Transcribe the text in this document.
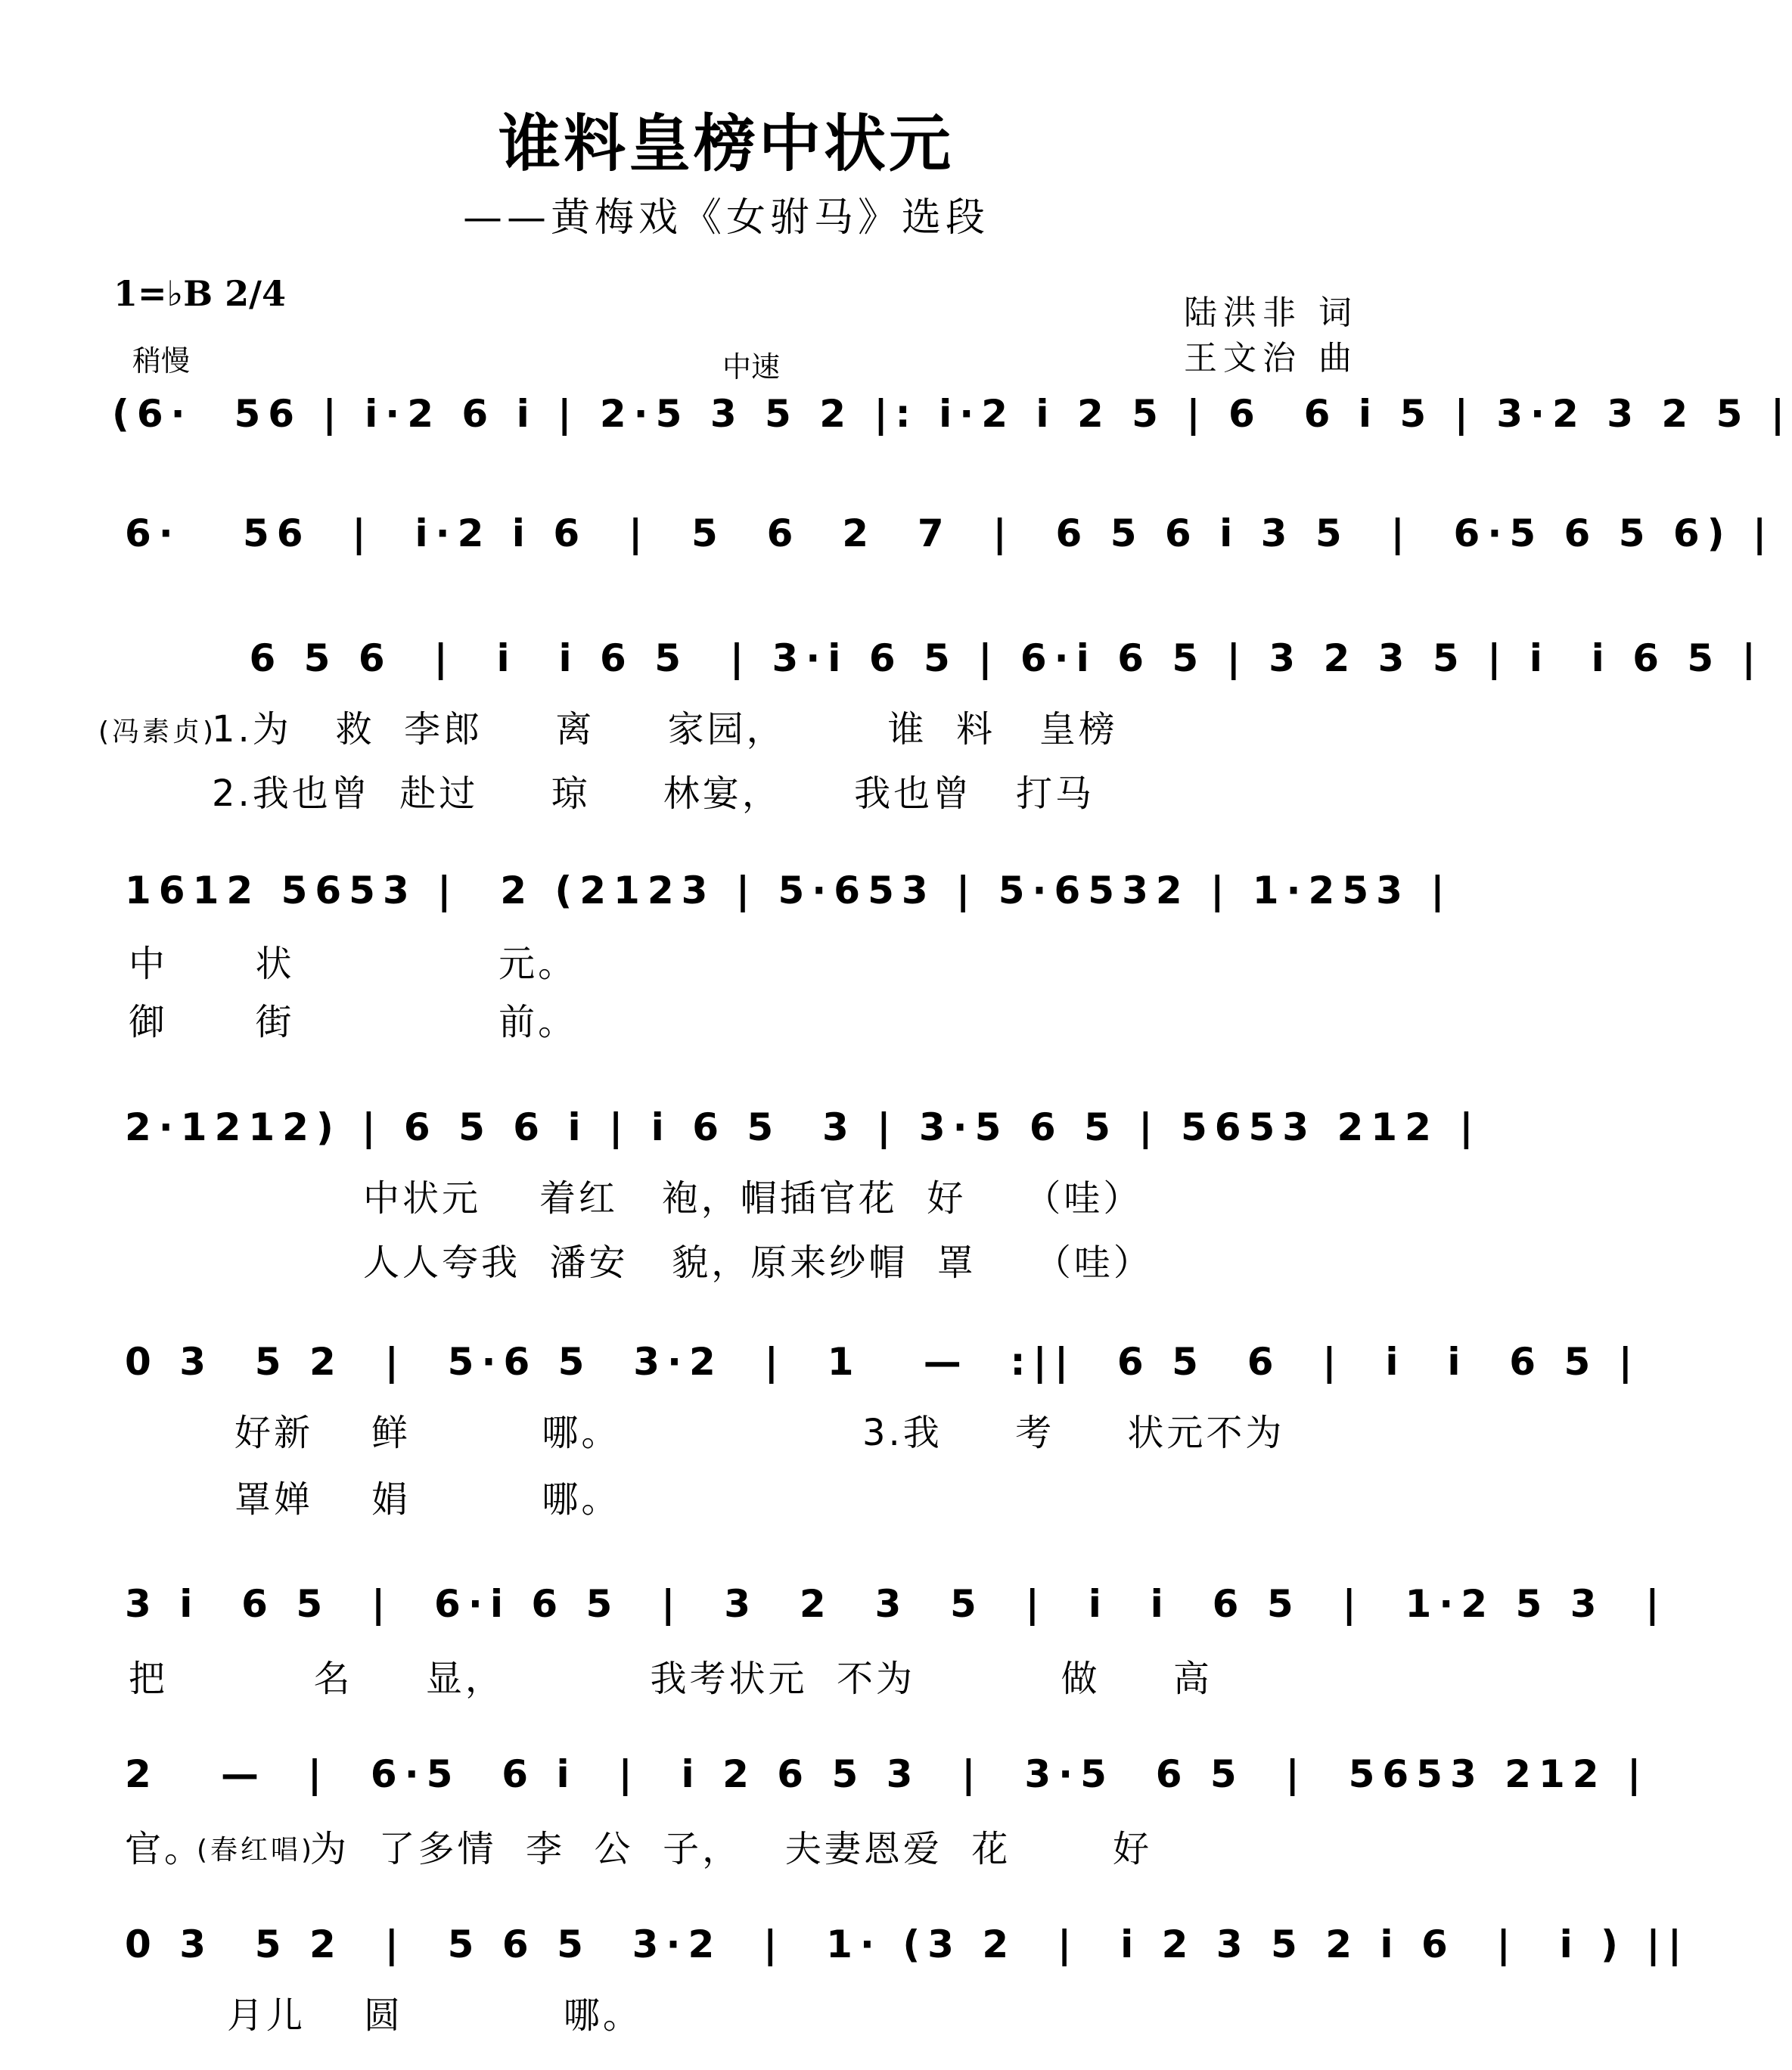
谁料皇榜中状元
——黄梅戏《女驸马》选段
1=♭B 2/4	陆洪非 词
王文治 曲
稍慢	中速
(6·  56 | i·2 6 i | 2·5 3 5 2 |: i·2 i 2 5 | 6  6 i 5 | 3·2 3 2 5 |
6·   56  |  i·2 i 6  |  5  6  2  7  |  6 5 6 i 3 5  |  6·5 6 5 6) |
6 5 6  |  i  i 6 5  | 3·i 6 5 | 6·i 6 5 | 3 2 3 5 | i  i 6 5 |
(冯素贞)
1.为   救  李郎     离     家园，       谁  料   皇榜
2.我也曾  赴过     琼     林宴，     我也曾   打马
1612 5653 |  2 (2123 | 5·653 | 5·6532 | 1·253 |
中      状              元。
御      街              前。
2·1212) | 6 5 6 i | i 6 5  3 | 3·5 6 5 | 5653 212 |
中状元    着红   袍，帽插官花  好    （哇）
人人夸我  潘安   貌，原来纱帽  罩    （哇）
0 3  5 2  |  5·6 5  3·2  |  1   —  :||  6 5  6  |  i  i  6 5 |
好新    鲜         哪。	3.我     考     状元不为
罩婵    娟         哪。
3 i  6 5  |  6·i 6 5  |  3  2  3  5  |  i  i  6 5  |  1·2 5 3  |
把          名     显，          我考状元  不为          做     高
2   —  |  6·5  6 i  |  i 2 6 5 3  |  3·5  6 5  |  5653 212 |
官。
(春红唱)
为  了多情  李  公  子，   夫妻恩爱  花       好
0 3  5 2  |  5 6 5  3·2  |  1· (3 2  |  i 2 3 5 2 i 6  |  i ) ||
月儿    圆           哪。
